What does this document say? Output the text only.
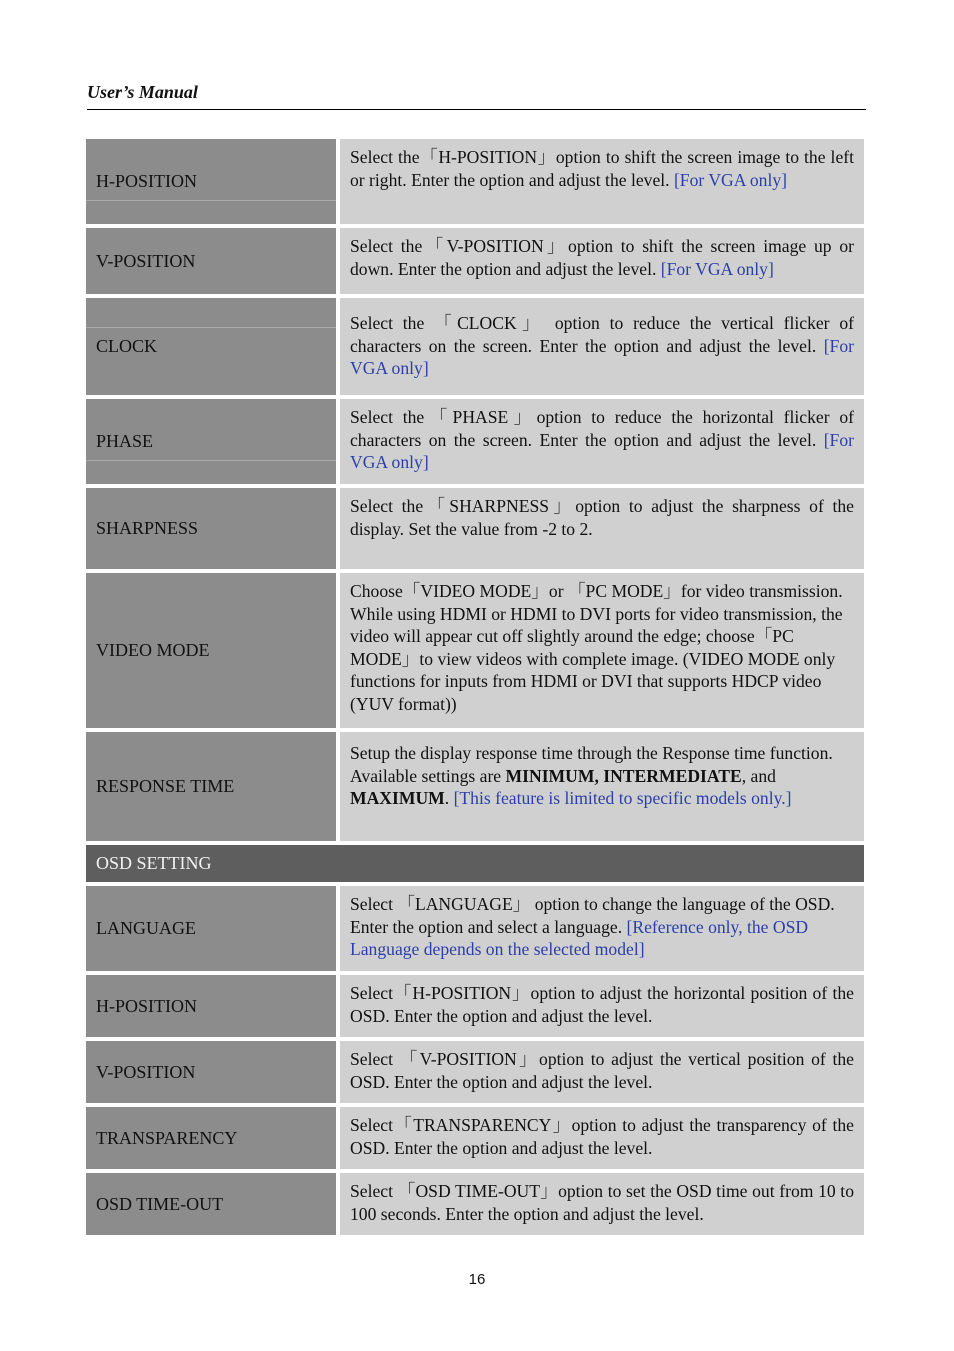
User’s Manual
H-POSITION
Select the「H-POSITION」option to shift the screen image to the left or right. Enter the option and adjust the level. [For VGA only]
V-POSITION
Select the「V-POSITION」option to shift the screen image up or down. Enter the option and adjust the level. [For VGA only]
CLOCK
Select the 「CLOCK」 option to reduce the vertical flicker of characters on the screen. Enter the option and adjust the level. [For VGA only]
PHASE
Select the「PHASE」option to reduce the horizontal flicker of characters on the screen. Enter the option and adjust the level. [For VGA only]
SHARPNESS
Select the「SHARPNESS」option to adjust the sharpness of the display. Set the value from -2 to 2.
VIDEO MODE
Choose「VIDEO MODE」or 「PC MODE」for video transmission. While using HDMI or HDMI to DVI ports for video transmission, the video will appear cut off slightly around the edge; choose「PC MODE」to view videos with complete image. (VIDEO MODE only functions for inputs from HDMI or DVI that supports HDCP video (YUV format))
RESPONSE TIME
Setup the display response time through the Response time function. Available settings are MINIMUM, INTERMEDIATE, and MAXIMUM. [This feature is limited to specific models only.]
OSD SETTING
LANGUAGE
Select 「LANGUAGE」 option to change the language of the OSD. Enter the option and select a language. [Reference only, the OSD Language depends on the selected model]
H-POSITION
Select「H-POSITION」option to adjust the horizontal position of the OSD. Enter the option and adjust the level.
V-POSITION
Select 「V-POSITION」option to adjust the vertical position of the OSD. Enter the option and adjust the level.
TRANSPARENCY
Select「TRANSPARENCY」option to adjust the transparency of the OSD. Enter the option and adjust the level.
OSD TIME-OUT
Select 「OSD TIME-OUT」option to set the OSD time out from 10 to 100 seconds. Enter the option and adjust the level.
16
